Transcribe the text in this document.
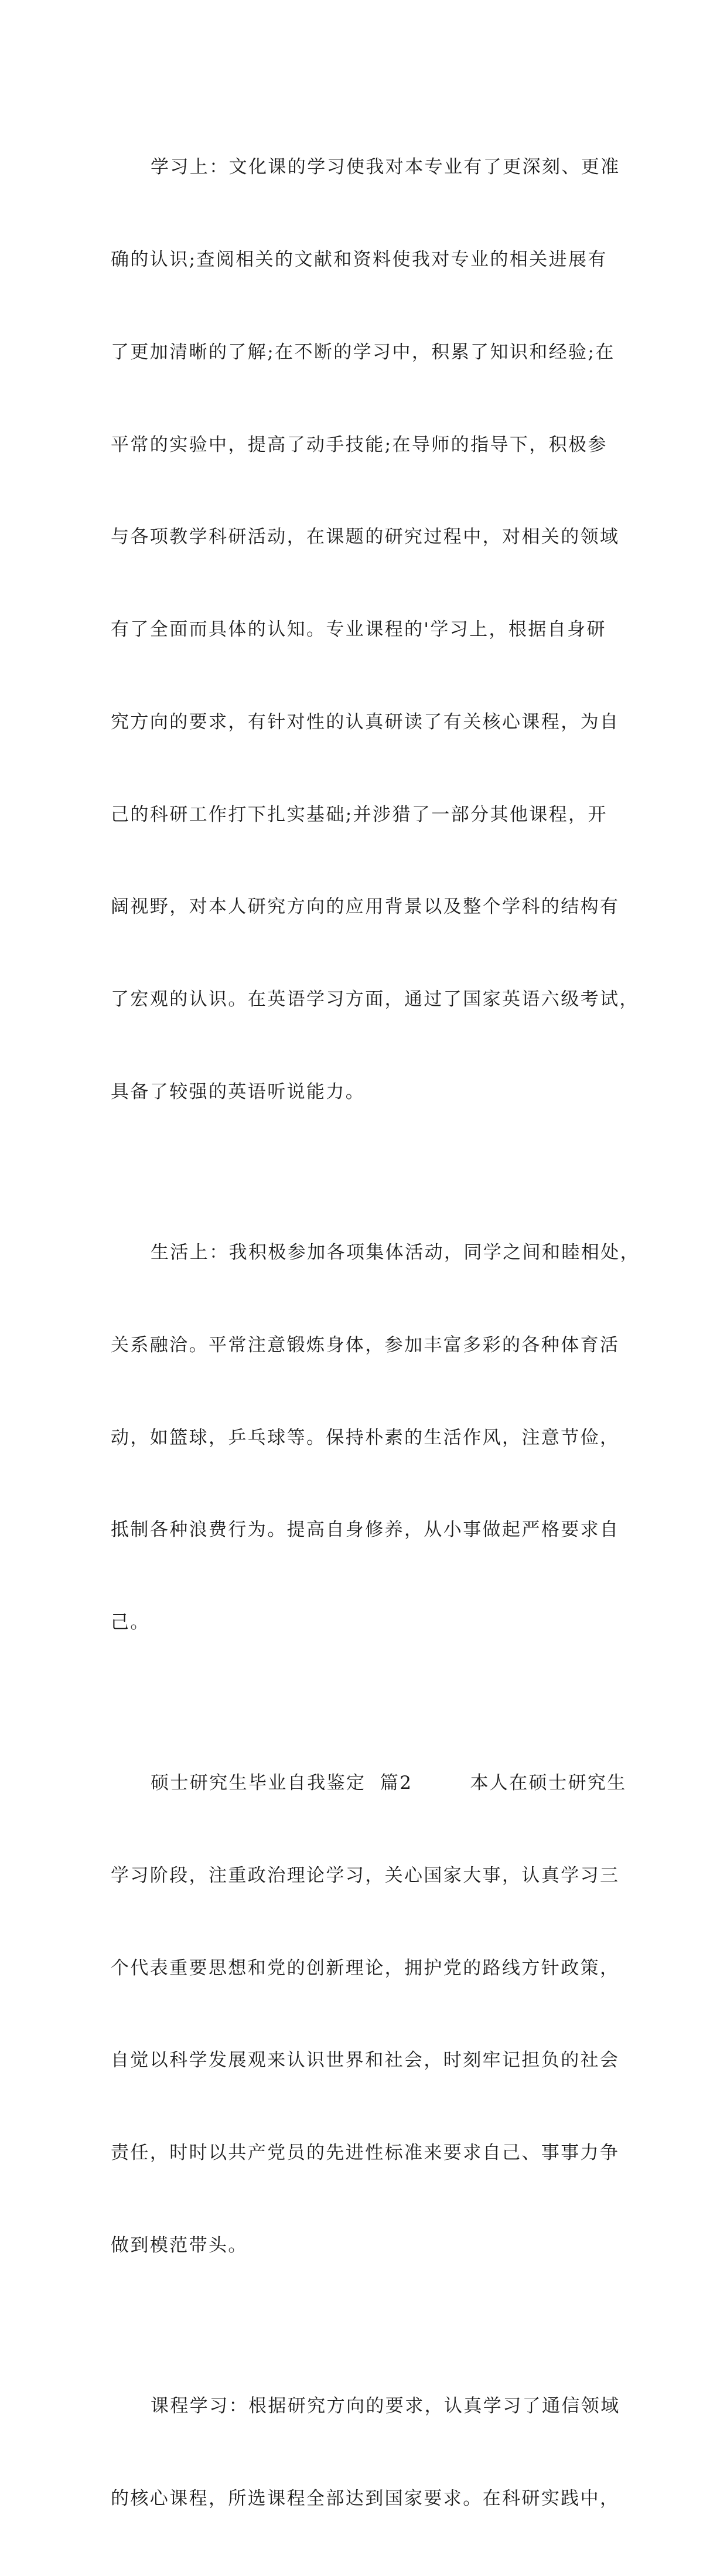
学习上：文化课的学习使我对本专业有了更深刻、更准

确的认识;查阅相关的文献和资料使我对专业的相关进展有

了更加清晰的了解;在不断的学习中，积累了知识和经验;在

平常的实验中，提高了动手技能;在导师的指导下，积极参

与各项教学科研活动，在课题的研究过程中，对相关的领域

有了全面而具体的认知。专业课程的'学习上，根据自身研

究方向的要求，有针对性的认真研读了有关核心课程，为自

己的科研工作打下扎实基础;并涉猎了一部分其他课程，开

阔视野，对本人研究方向的应用背景以及整个学科的结构有

了宏观的认识。在英语学习方面，通过了国家英语六级考试，

具备了较强的英语听说能力。

生活上：我积极参加各项集体活动，同学之间和睦相处，

关系融洽。平常注意锻炼身体，参加丰富多彩的各种体育活

动，如篮球，乒乓球等。保持朴素的生活作风，注意节俭，

抵制各种浪费行为。提高自身修养，从小事做起严格要求自

己。

硕士研究生毕业自我鉴定  篇2        本人在硕士研究生

学习阶段，注重政治理论学习，关心国家大事，认真学习三

个代表重要思想和党的创新理论，拥护党的路线方针政策，

自觉以科学发展观来认识世界和社会，时刻牢记担负的社会

责任，时时以共产党员的先进性标准来要求自己、事事力争

做到模范带头。

课程学习：根据研究方向的要求，认真学习了通信领域

的核心课程，所选课程全部达到国家要求。在科研实践中，
